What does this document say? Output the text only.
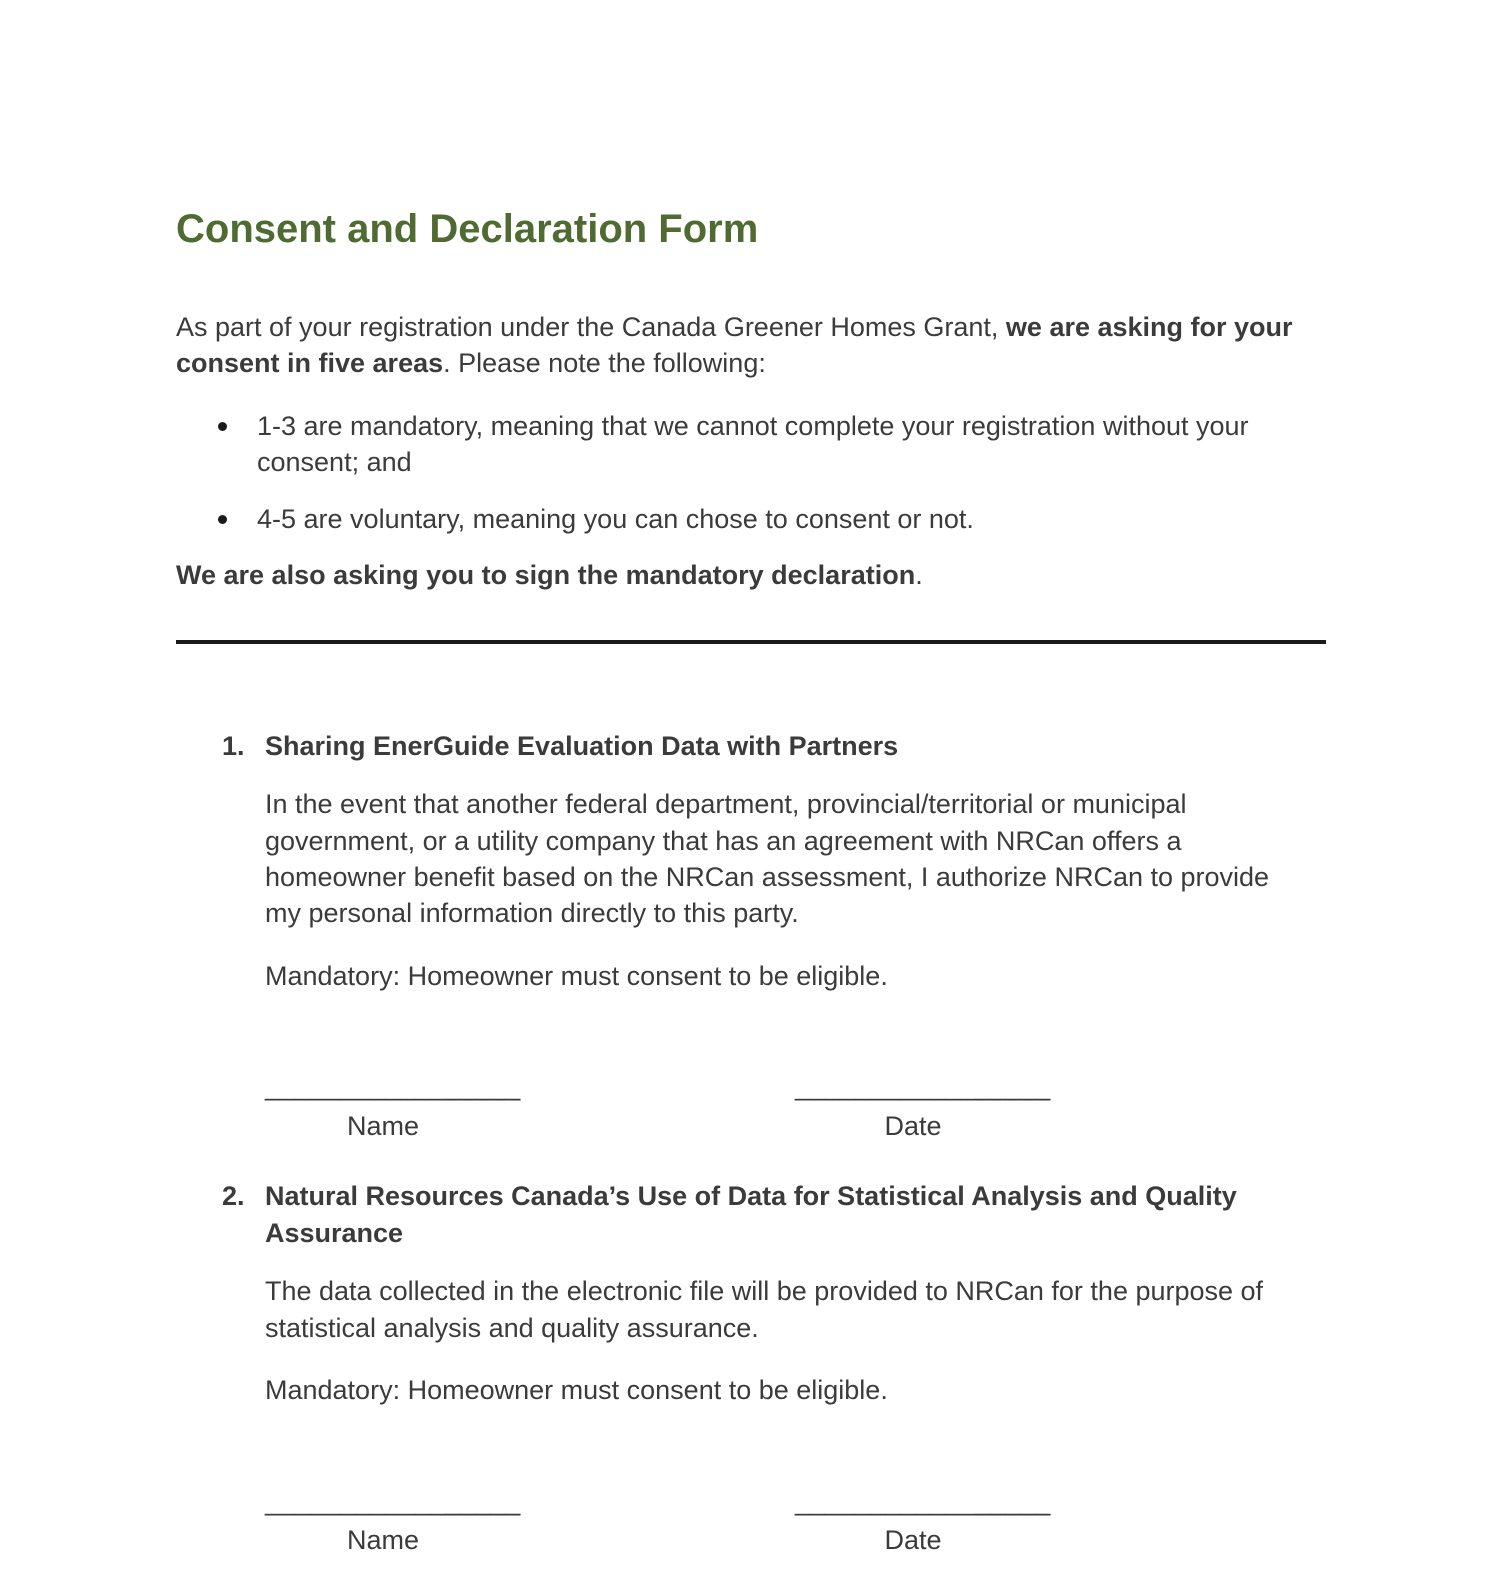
Consent and Declaration Form

As part of your registration under the Canada Greener Homes Grant, we are asking for your consent in five areas. Please note the following:

1-3 are mandatory, meaning that we cannot complete your registration without your consent; and
4-5 are voluntary, meaning you can chose to consent or not.

We are also asking you to sign the mandatory declaration.

1. Sharing EnerGuide Evaluation Data with Partners

In the event that another federal department, provincial/territorial or municipal government, or a utility company that has an agreement with NRCan offers a homeowner benefit based on the NRCan assessment, I authorize NRCan to provide my personal information directly to this party.

Mandatory: Homeowner must consent to be eligible.

_________________
Name
_________________
Date
2. Natural Resources Canada’s Use of Data for Statistical Analysis and Quality Assurance

The data collected in the electronic file will be provided to NRCan for the purpose of statistical analysis and quality assurance.

Mandatory: Homeowner must consent to be eligible.

_________________
Name
_________________
Date
